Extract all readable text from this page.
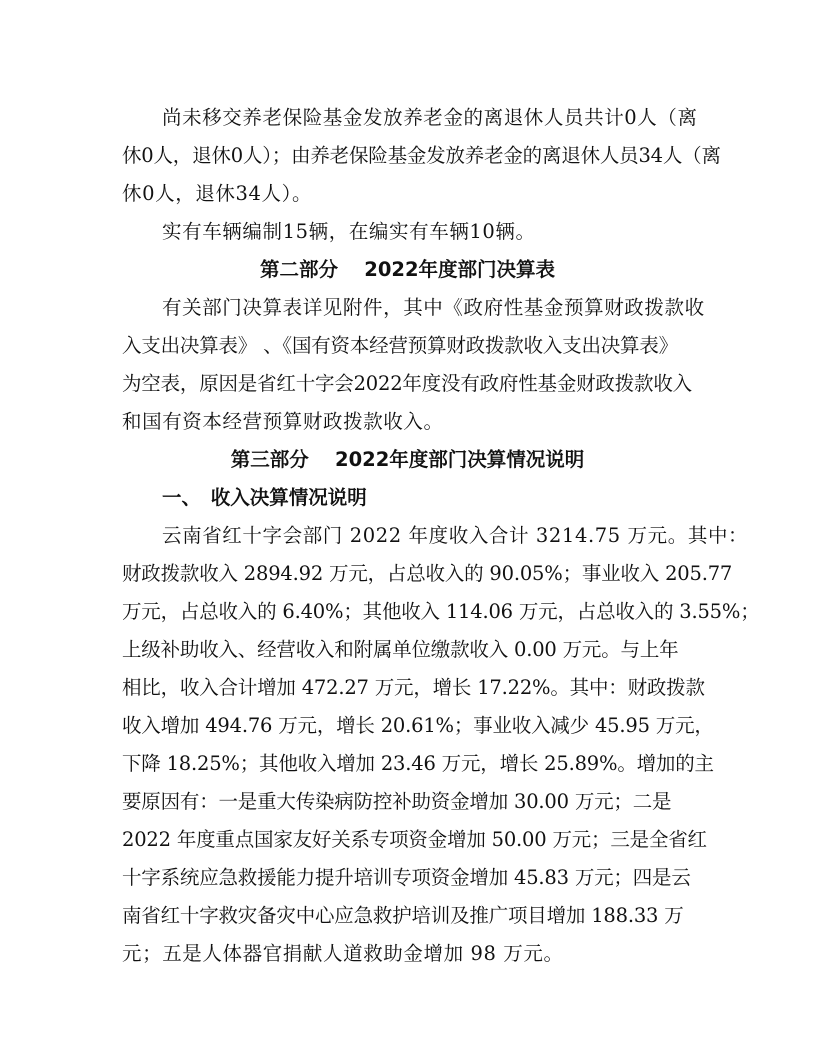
尚未移交养老保险基金发放养老金的离退休人员共计0人（离
休0人，退休0人）；由养老保险基金发放养老金的离退休人员34人（离
休0人，退休34人）。
实有车辆编制15辆，在编实有车辆10辆。
第二部分　 2022年度部门决算表
有关部门决算表详见附件，其中《政府性基金预算财政拨款收
入支出决算表》 、《国有资本经营预算财政拨款收入支出决算表》
为空表，原因是省红十字会2022年度没有政府性基金财政拨款收入
和国有资本经营预算财政拨款收入。
第三部分　 2022年度部门决算情况说明
一、　收入决算情况说明
云南省红十字会部门 2022 年度收入合计 3214.75 万元。其中：
财政拨款收入 2894.92 万元，占总收入的 90.05%；事业收入 205.77
万元，占总收入的 6.40%；其他收入 114.06 万元，占总收入的 3.55%；
上级补助收入、经营收入和附属单位缴款收入 0.00 万元。与上年
相比，收入合计增加 472.27 万元，增长 17.22%。其中：财政拨款
收入增加 494.76 万元，增长 20.61%；事业收入减少 45.95 万元，
下降 18.25%；其他收入增加 23.46 万元，增长 25.89%。增加的主
要原因有：一是重大传染病防控补助资金增加 30.00 万元；二是
2022 年度重点国家友好关系专项资金增加 50.00 万元；三是全省红
十字系统应急救援能力提升培训专项资金增加 45.83 万元；四是云
南省红十字救灾备灾中心应急救护培训及推广项目增加 188.33 万
元；五是人体器官捐献人道救助金增加 98 万元。
